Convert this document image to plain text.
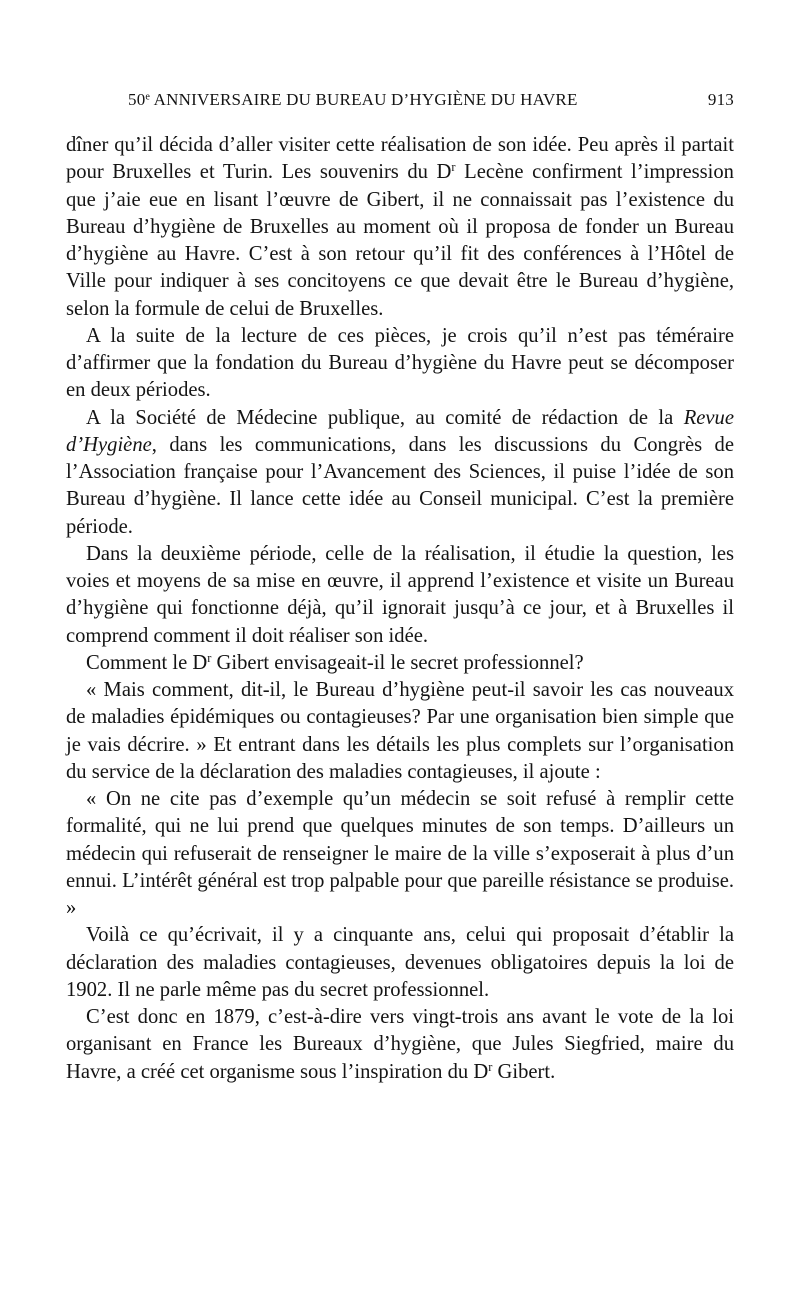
50e ANNIVERSAIRE DU BUREAU D’HYGIÈNE DU HAVRE	913

dîner qu’il décida d’aller visiter cette réalisation de son idée. Peu après il partait pour Bruxelles et Turin. Les souvenirs du $D^r$ Lecène confirment l’impression que j’aie eue en lisant l’œuvre de Gibert, il ne connaissait pas l’existence du Bureau d’hygiène de Bruxelles au moment où il proposa de fonder un Bureau d’hygiène au Havre. C’est à son retour qu’il fit des conférences à l’Hôtel de Ville pour indiquer à ses concitoyens ce que devait être le Bureau d’hygiène, selon la formule de celui de Bruxelles.

A la suite de la lecture de ces pièces, je crois qu’il n’est pas téméraire d’affirmer que la fondation du Bureau d’hygiène du Havre peut se décomposer en deux périodes.

A la Société de Médecine publique, au comité de rédaction de la Revue d’Hygiène, dans les communications, dans les discussions du Congrès de l’Association française pour l’Avancement des Sciences, il puise l’idée de son Bureau d’hygiène. Il lance cette idée au Conseil municipal. C’est la première période.

Dans la deuxième période, celle de la réalisation, il étudie la question, les voies et moyens de sa mise en œuvre, il apprend l’existence et visite un Bureau d’hygiène qui fonctionne déjà, qu’il ignorait jusqu’à ce jour, et à Bruxelles il comprend comment il doit réaliser son idée.

Comment le $D^r$ Gibert envisageait-il le secret professionnel?

« Mais comment, dit-il, le Bureau d’hygiène peut-il savoir les cas nouveaux de maladies épidémiques ou contagieuses? Par une organisation bien simple que je vais décrire. » Et entrant dans les détails les plus complets sur l’organisation du service de la déclaration des maladies contagieuses, il ajoute :

« On ne cite pas d’exemple qu’un médecin se soit refusé à remplir cette formalité, qui ne lui prend que quelques minutes de son temps. D’ailleurs un médecin qui refuserait de renseigner le maire de la ville s’exposerait à plus d’un ennui. L’intérêt général est trop palpable pour que pareille résistance se produise. »

Voilà ce qu’écrivait, il y a cinquante ans, celui qui proposait d’établir la déclaration des maladies contagieuses, devenues obligatoires depuis la loi de 1902. Il ne parle même pas du secret professionnel.

C’est donc en 1879, c’est-à-dire vers vingt-trois ans avant le vote de la loi organisant en France les Bureaux d’hygiène, que Jules Siegfried, maire du Havre, a créé cet organisme sous l’inspiration du $D^r$ Gibert.
